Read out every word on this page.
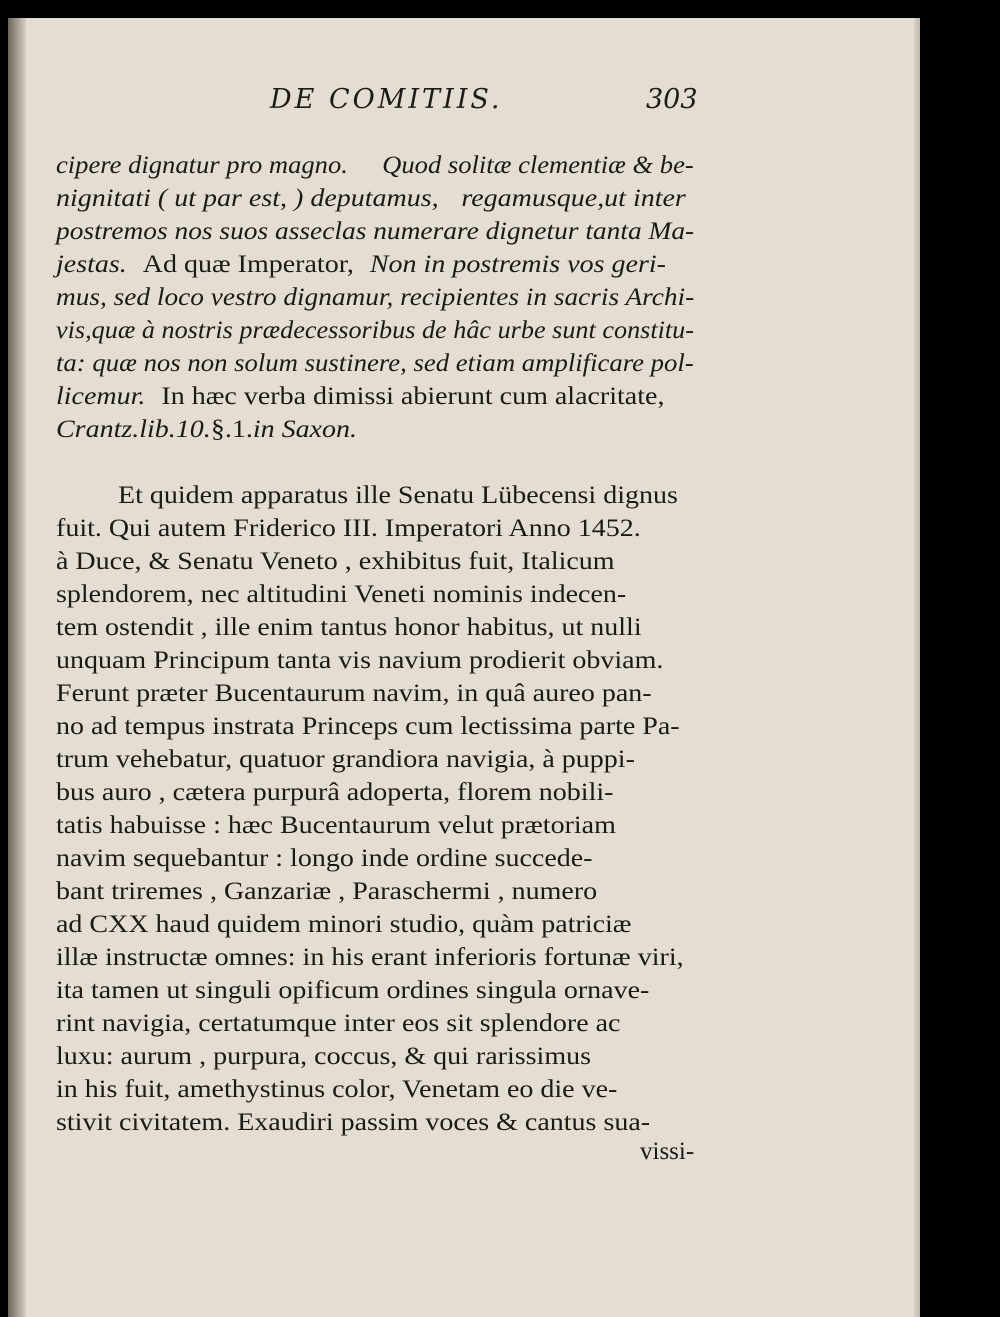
DE COMITIIS.	303
cipere dignatur pro magno. Quod solitæ clementiæ & be-
nignitati ( ut par est, ) deputamus, regamusque,ut inter
postremos nos suos asseclas numerare dignetur tanta Ma-
jestas. Ad quæ Imperator, Non in postremis vos geri-
mus, sed loco vestro dignamur, recipientes in sacris Archi-
vis,quæ à nostris prædecessoribus de hâc urbe sunt constitu-
ta: quæ nos non solum sustinere, sed etiam amplificare pol-
licemur. In hæc verba dimissi abierunt cum alacritate,
Crantz.lib.10.§.1.in Saxon.
Et quidem apparatus ille Senatu Lübecensi dignus
fuit. Qui autem Friderico III. Imperatori Anno 1452.
à Duce, & Senatu Veneto , exhibitus fuit, Italicum
splendorem, nec altitudini Veneti nominis indecen-
tem ostendit , ille enim tantus honor habitus, ut nulli
unquam Principum tanta vis navium prodierit obviam.
Ferunt præter Bucentaurum navim, in quâ aureo pan-
no ad tempus instrata Princeps cum lectissima parte Pa-
trum vehebatur, quatuor grandiora navigia, à puppi-
bus auro , cætera purpurâ adoperta, florem nobili-
tatis habuisse : hæc Bucentaurum velut prætoriam
navim sequebantur : longo inde ordine succede-
bant triremes , Ganzariæ , Paraschermi , numero
ad CXX haud quidem minori studio, quàm patriciæ
illæ instructæ omnes: in his erant inferioris fortunæ viri,
ita tamen ut singuli opificum ordines singula ornave-
rint navigia, certatumque inter eos sit splendore ac
luxu: aurum , purpura, coccus, & qui rarissimus
in his fuit, amethystinus color, Venetam eo die ve-
stivit civitatem. Exaudiri passim voces & cantus sua-
vissi-
